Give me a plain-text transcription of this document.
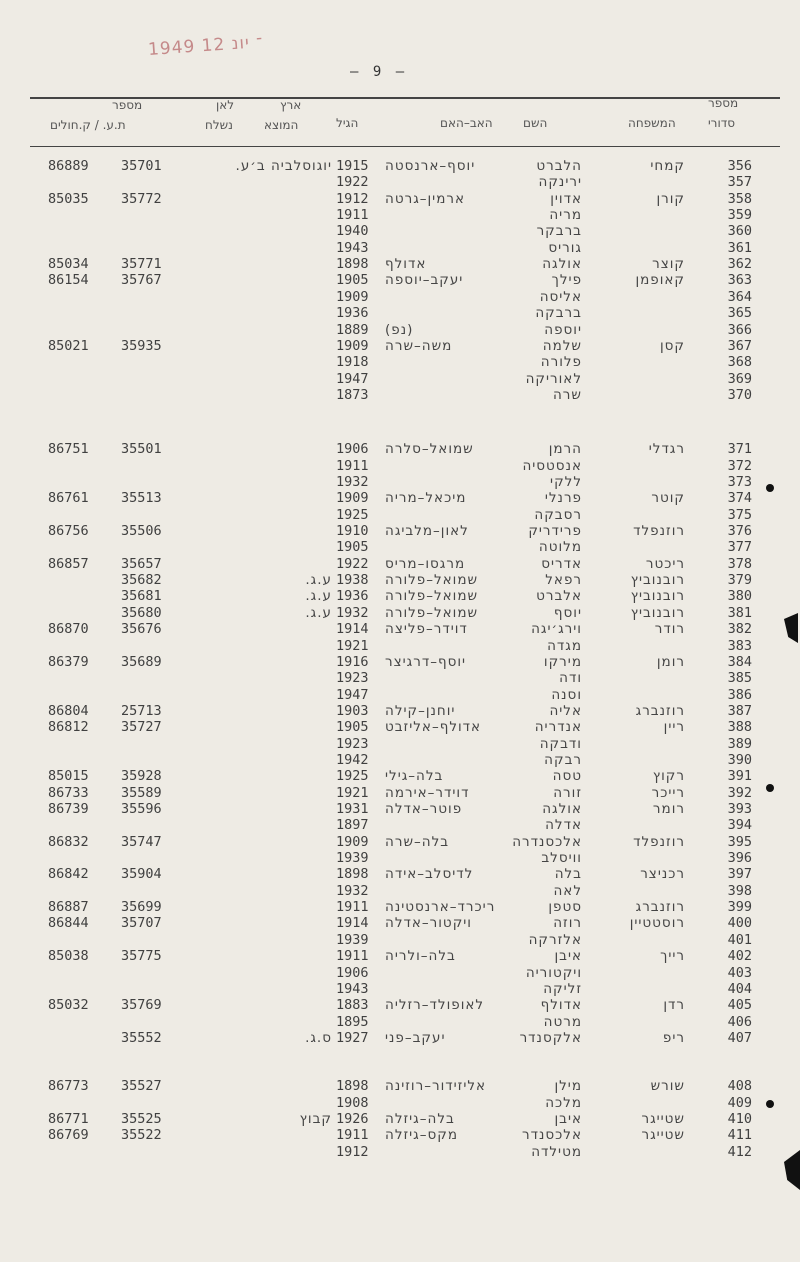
1949 ־ יונ 12
— 9 —
מספר
סדורי
המשפחה
השם
האב–האם
הגיל
ארץ
המוצא
לאן
נשלח
מספר
ת.ע. / ק.חולים
356
קמחי
הלברט
יוסף–ארנסטה
1915
יוגוסלביה ב׳ע.
35701
86889
357
ירינקה
1922
358
קורן
אדוין
ארמין–גרטה
1912
35772
85035
359
מריה
1911
360
ברבקר
1940
361
גוריס
1943
362
קוצר
אולגה
אדולף
1898
35771
85034
363
קאופמן
פילך
יעקב–יוספה
1905
35767
86154
364
אליסה
1909
365
ברבקה
1936
366
יוספה
(נפ)
1889
367
קסן
שלמה
משה–שרה
1909
35935
85021
368
פלורה
1918
369
לאוריקה
1947
370
שרה
1873
371
רגדלי
הרמן
שמואל–סלרה
1906
35501
86751
372
אנסטסיה
1911
373
ללקי
1932
374
קוטר
פרנלי
מיכאל–מריה
1909
35513
86761
375
רסבקה
1925
376
רוזנפלד
פרידריק
לאון–מלביגה
1910
35506
86756
377
מלוטה
1905
378
ריכטר
אדריס
מרגסו–מריס
1922
35657
86857
379
רובנוביץ
רפאל
שמואל–פלורה
1938
ע.ג.
35682
380
רובנוביץ
אלברט
שמואל–פלורה
1936
ע.ג.
35681
381
רובנוביץ
יוסף
שמואל–פלורה
1932
ע.ג.
35680
382
רודר
וירג׳יגה
דוידר–פליצה
1914
35676
86870
383
מגדה
1921
384
רומן
מירקו
יוסף–דרגיצר
1916
35689
86379
385
ודה
1923
386
וסנה
1947
387
רוזנברג
אליה
יוחנן–קילה
1903
25713
86804
388
ריין
אנדריה
אדולף–אליזבט
1905
35727
86812
389
ודבקה
1923
390
רבקה
1942
391
רקוץ
טסה
בלה–גילי
1925
35928
85015
392
רייכר
זורה
דוידר–אירמה
1921
35589
86733
393
רומר
אולגה
פוטר–אדלה
1931
35596
86739
394
אדלה
1897
395
רוזנפלד
אלכסנדרה
בלה–שרה
1909
35747
86832
396
וויסלב
1939
397
רכניצר
בלה
לדיסלב–אידה
1898
35904
86842
398
לאה
1932
399
רוזנברג
סטפן
ריכרד–ארנסטינה
1911
35699
86887
400
רוסטטיין
רוזה
ויקטור–אדלה
1914
35707
86844
401
אלזרקה
1939
402
רייך
איבן
בלה–ולריה
1911
35775
85038
403
ויקטוריה
1906
404
זליקה
1943
405
רדן
אדולף
לאופולד–רזליה
1883
35769
85032
406
מרטה
1895
407
ריפ
אלקסנדר
יעקב–פני
1927
ס.ג.
35552
408
שורש
מילן
אליזידור–רוזינה
1898
35527
86773
409
מלכה
1908
410
שטייגר
איבן
בלה–גיזלה
1926
קבוץ
35525
86771
411
שטייגר
אלכסנדר
מקס–גיזלה
1911
35522
86769
412
מטילדה
1912
